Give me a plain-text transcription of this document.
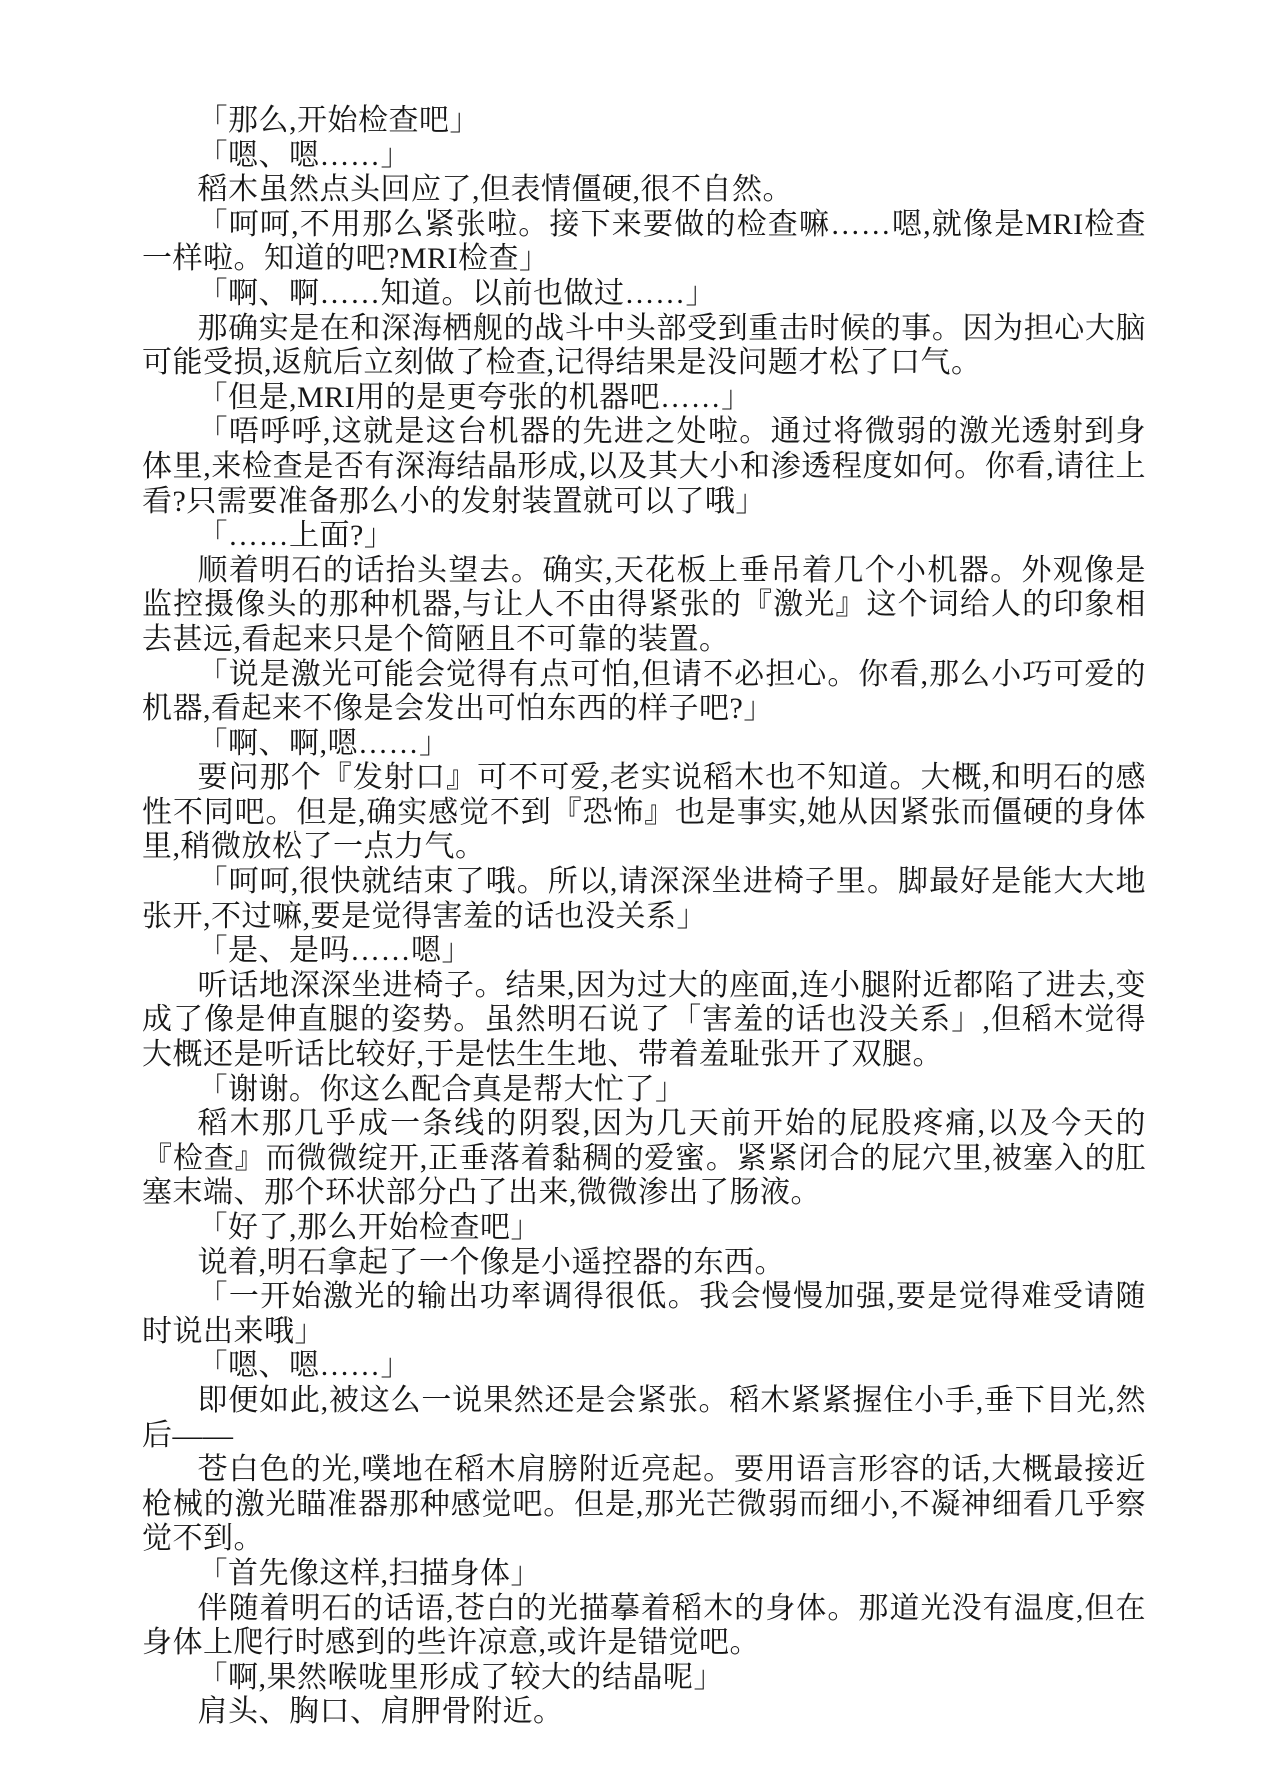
「那么,开始检查吧」

「嗯、嗯……」

稻木虽然点头回应了,但表情僵硬,很不自然。

「呵呵,不用那么紧张啦。接下来要做的检查嘛……嗯,就像是MRI检查一样啦。知道的吧?MRI检查」

「啊、啊……知道。以前也做过……」

那确实是在和深海栖舰的战斗中头部受到重击时候的事。因为担心大脑可能受损,返航后立刻做了检查,记得结果是没问题才松了口气。

「但是,MRI用的是更夸张的机器吧……」

「唔呼呼,这就是这台机器的先进之处啦。通过将微弱的激光透射到身体里,来检查是否有深海结晶形成,以及其大小和渗透程度如何。你看,请往上看?只需要准备那么小的发射装置就可以了哦」

「……上面?」

顺着明石的话抬头望去。确实,天花板上垂吊着几个小机器。外观像是监控摄像头的那种机器,与让人不由得紧张的『激光』这个词给人的印象相去甚远,看起来只是个简陋且不可靠的装置。

「说是激光可能会觉得有点可怕,但请不必担心。你看,那么小巧可爱的机器,看起来不像是会发出可怕东西的样子吧?」

「啊、啊,嗯……」

要问那个『发射口』可不可爱,老实说稻木也不知道。大概,和明石的感性不同吧。但是,确实感觉不到『恐怖』也是事实,她从因紧张而僵硬的身体里,稍微放松了一点力气。

「呵呵,很快就结束了哦。所以,请深深坐进椅子里。脚最好是能大大地张开,不过嘛,要是觉得害羞的话也没关系」

「是、是吗……嗯」

听话地深深坐进椅子。结果,因为过大的座面,连小腿附近都陷了进去,变成了像是伸直腿的姿势。虽然明石说了「害羞的话也没关系」,但稻木觉得大概还是听话比较好,于是怯生生地、带着羞耻张开了双腿。

「谢谢。你这么配合真是帮大忙了」

稻木那几乎成一条线的阴裂,因为几天前开始的屁股疼痛,以及今天的『检查』而微微绽开,正垂落着黏稠的爱蜜。紧紧闭合的屁穴里,被塞入的肛塞末端、那个环状部分凸了出来,微微渗出了肠液。

「好了,那么开始检查吧」

说着,明石拿起了一个像是小遥控器的东西。

「一开始激光的输出功率调得很低。我会慢慢加强,要是觉得难受请随时说出来哦」

「嗯、嗯……」

即便如此,被这么一说果然还是会紧张。稻木紧紧握住小手,垂下目光,然后——

苍白色的光,噗地在稻木肩膀附近亮起。要用语言形容的话,大概最接近枪械的激光瞄准器那种感觉吧。但是,那光芒微弱而细小,不凝神细看几乎察觉不到。

「首先像这样,扫描身体」

伴随着明石的话语,苍白的光描摹着稻木的身体。那道光没有温度,但在身体上爬行时感到的些许凉意,或许是错觉吧。

「啊,果然喉咙里形成了较大的结晶呢」

肩头、胸口、肩胛骨附近。
